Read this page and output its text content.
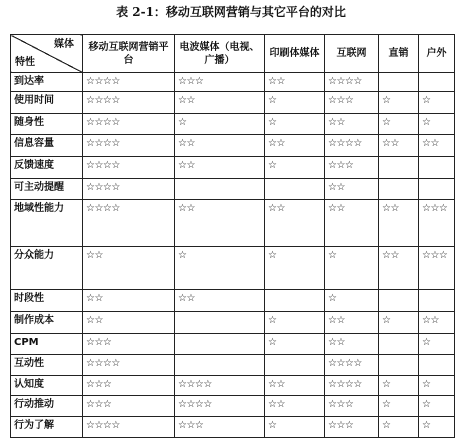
表 2-1：移动互联网营销与其它平台的对比
媒体
特性	移动互联网营销平台	电波媒体（电视、广播）	印刷体媒体	互联网	直销	户外
到达率	☆☆☆☆	☆☆☆	☆☆	☆☆☆☆		
使用时间	☆☆☆☆	☆☆	☆	☆☆☆	☆	☆
随身性	☆☆☆☆	☆	☆	☆☆	☆	☆
信息容量	☆☆☆☆	☆☆	☆☆	☆☆☆☆	☆☆	☆☆
反馈速度	☆☆☆☆	☆☆	☆	☆☆☆		
可主动提醒	☆☆☆☆			☆☆		
地域性能力	☆☆☆☆	☆☆	☆☆	☆☆	☆☆	☆☆☆
分众能力	☆☆	☆	☆	☆	☆☆	☆☆☆
时段性	☆☆	☆☆		☆		
制作成本	☆☆		☆	☆☆	☆	☆☆
CPM	☆☆☆		☆	☆☆		☆
互动性	☆☆☆☆			☆☆☆☆		
认知度	☆☆☆	☆☆☆☆	☆☆	☆☆☆☆	☆	☆
行动推动	☆☆☆	☆☆☆☆	☆☆	☆☆☆	☆	☆
行为了解	☆☆☆☆	☆☆☆	☆	☆☆☆	☆	☆
